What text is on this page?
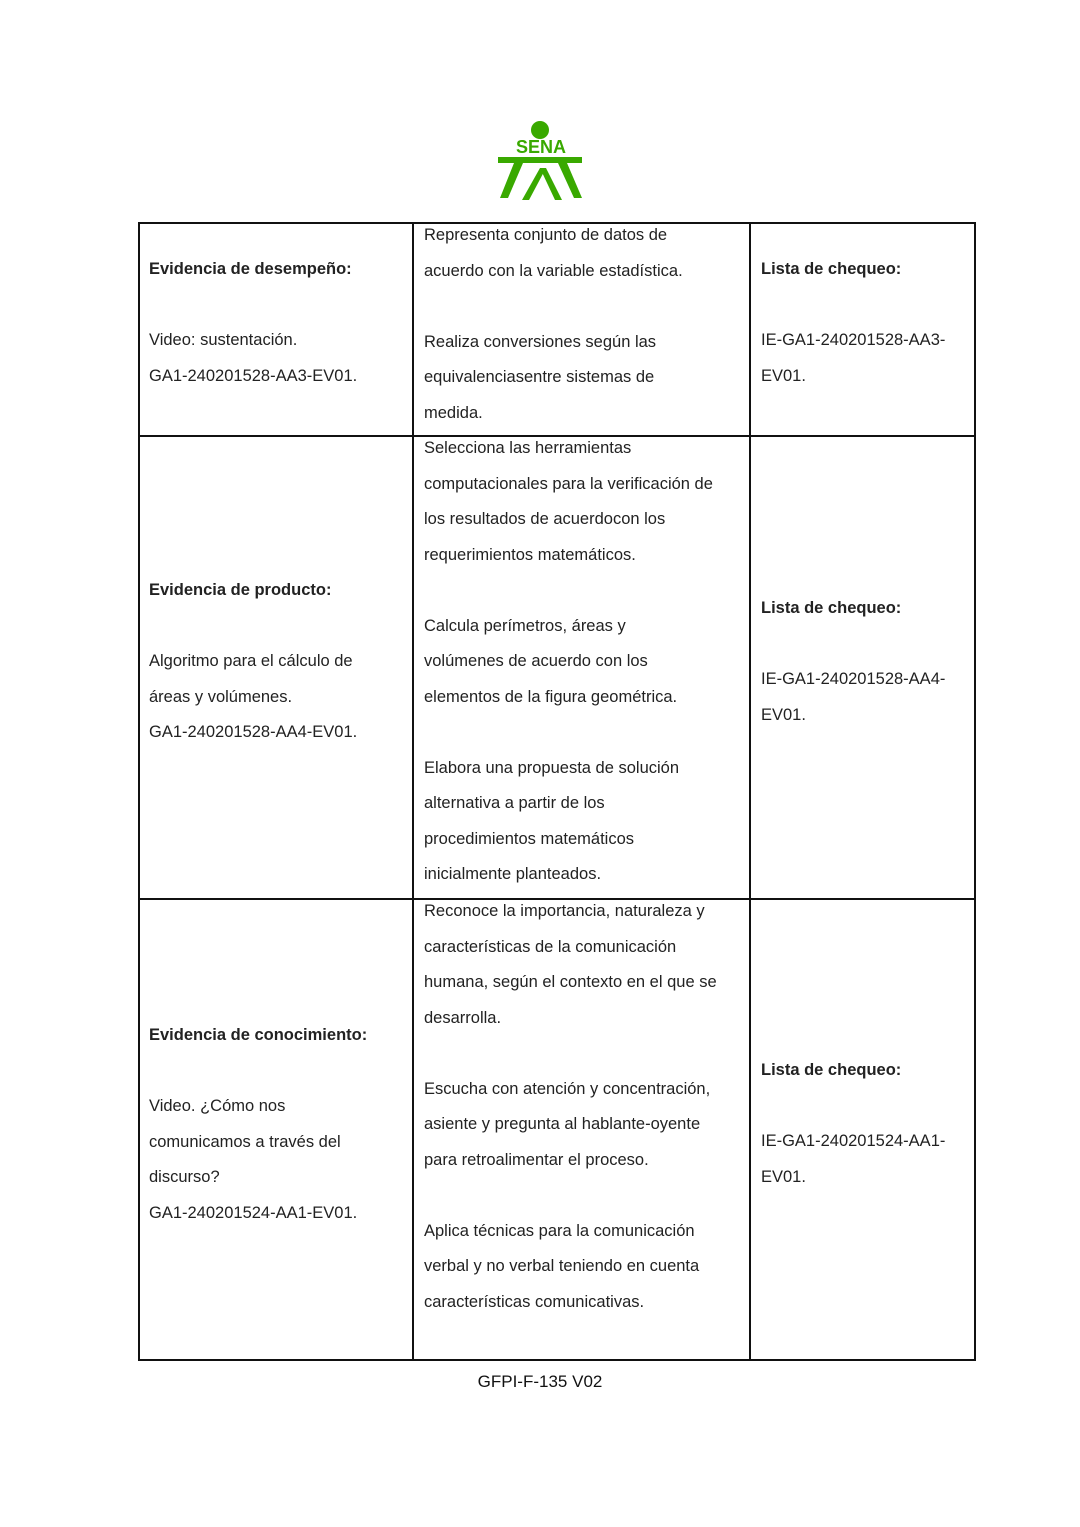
SENA

Evidencia de desempeño:

Video: sustentación.

GA1-240201528-AA3-EV01.

Representa conjunto de datos de

acuerdo con la variable estadística.

Realiza conversiones según las

equivalenciasentre sistemas de

medida.

Lista de chequeo:

IE-GA1-240201528-AA3-

EV01.

Evidencia de producto:

Algoritmo para el cálculo de

áreas y volúmenes.

GA1-240201528-AA4-EV01.

Selecciona las herramientas

computacionales para la verificación de

los resultados de acuerdocon los

requerimientos matemáticos.

Calcula perímetros, áreas y

volúmenes de acuerdo con los

elementos de la figura geométrica.

Elabora una propuesta de solución

alternativa a partir de los

procedimientos matemáticos

inicialmente planteados.

Lista de chequeo:

IE-GA1-240201528-AA4-

EV01.

Evidencia de conocimiento:

Video. ¿Cómo nos

comunicamos a través del

discurso?

GA1-240201524-AA1-EV01.

Reconoce la importancia, naturaleza y

características de la comunicación

humana, según el contexto en el que se

desarrolla.

Escucha con atención y concentración,

asiente y pregunta al hablante-oyente

para retroalimentar el proceso.

Aplica técnicas para la comunicación

verbal y no verbal teniendo en cuenta

características comunicativas.

Lista de chequeo:

IE-GA1-240201524-AA1-

EV01.

GFPI-F-135 V02
